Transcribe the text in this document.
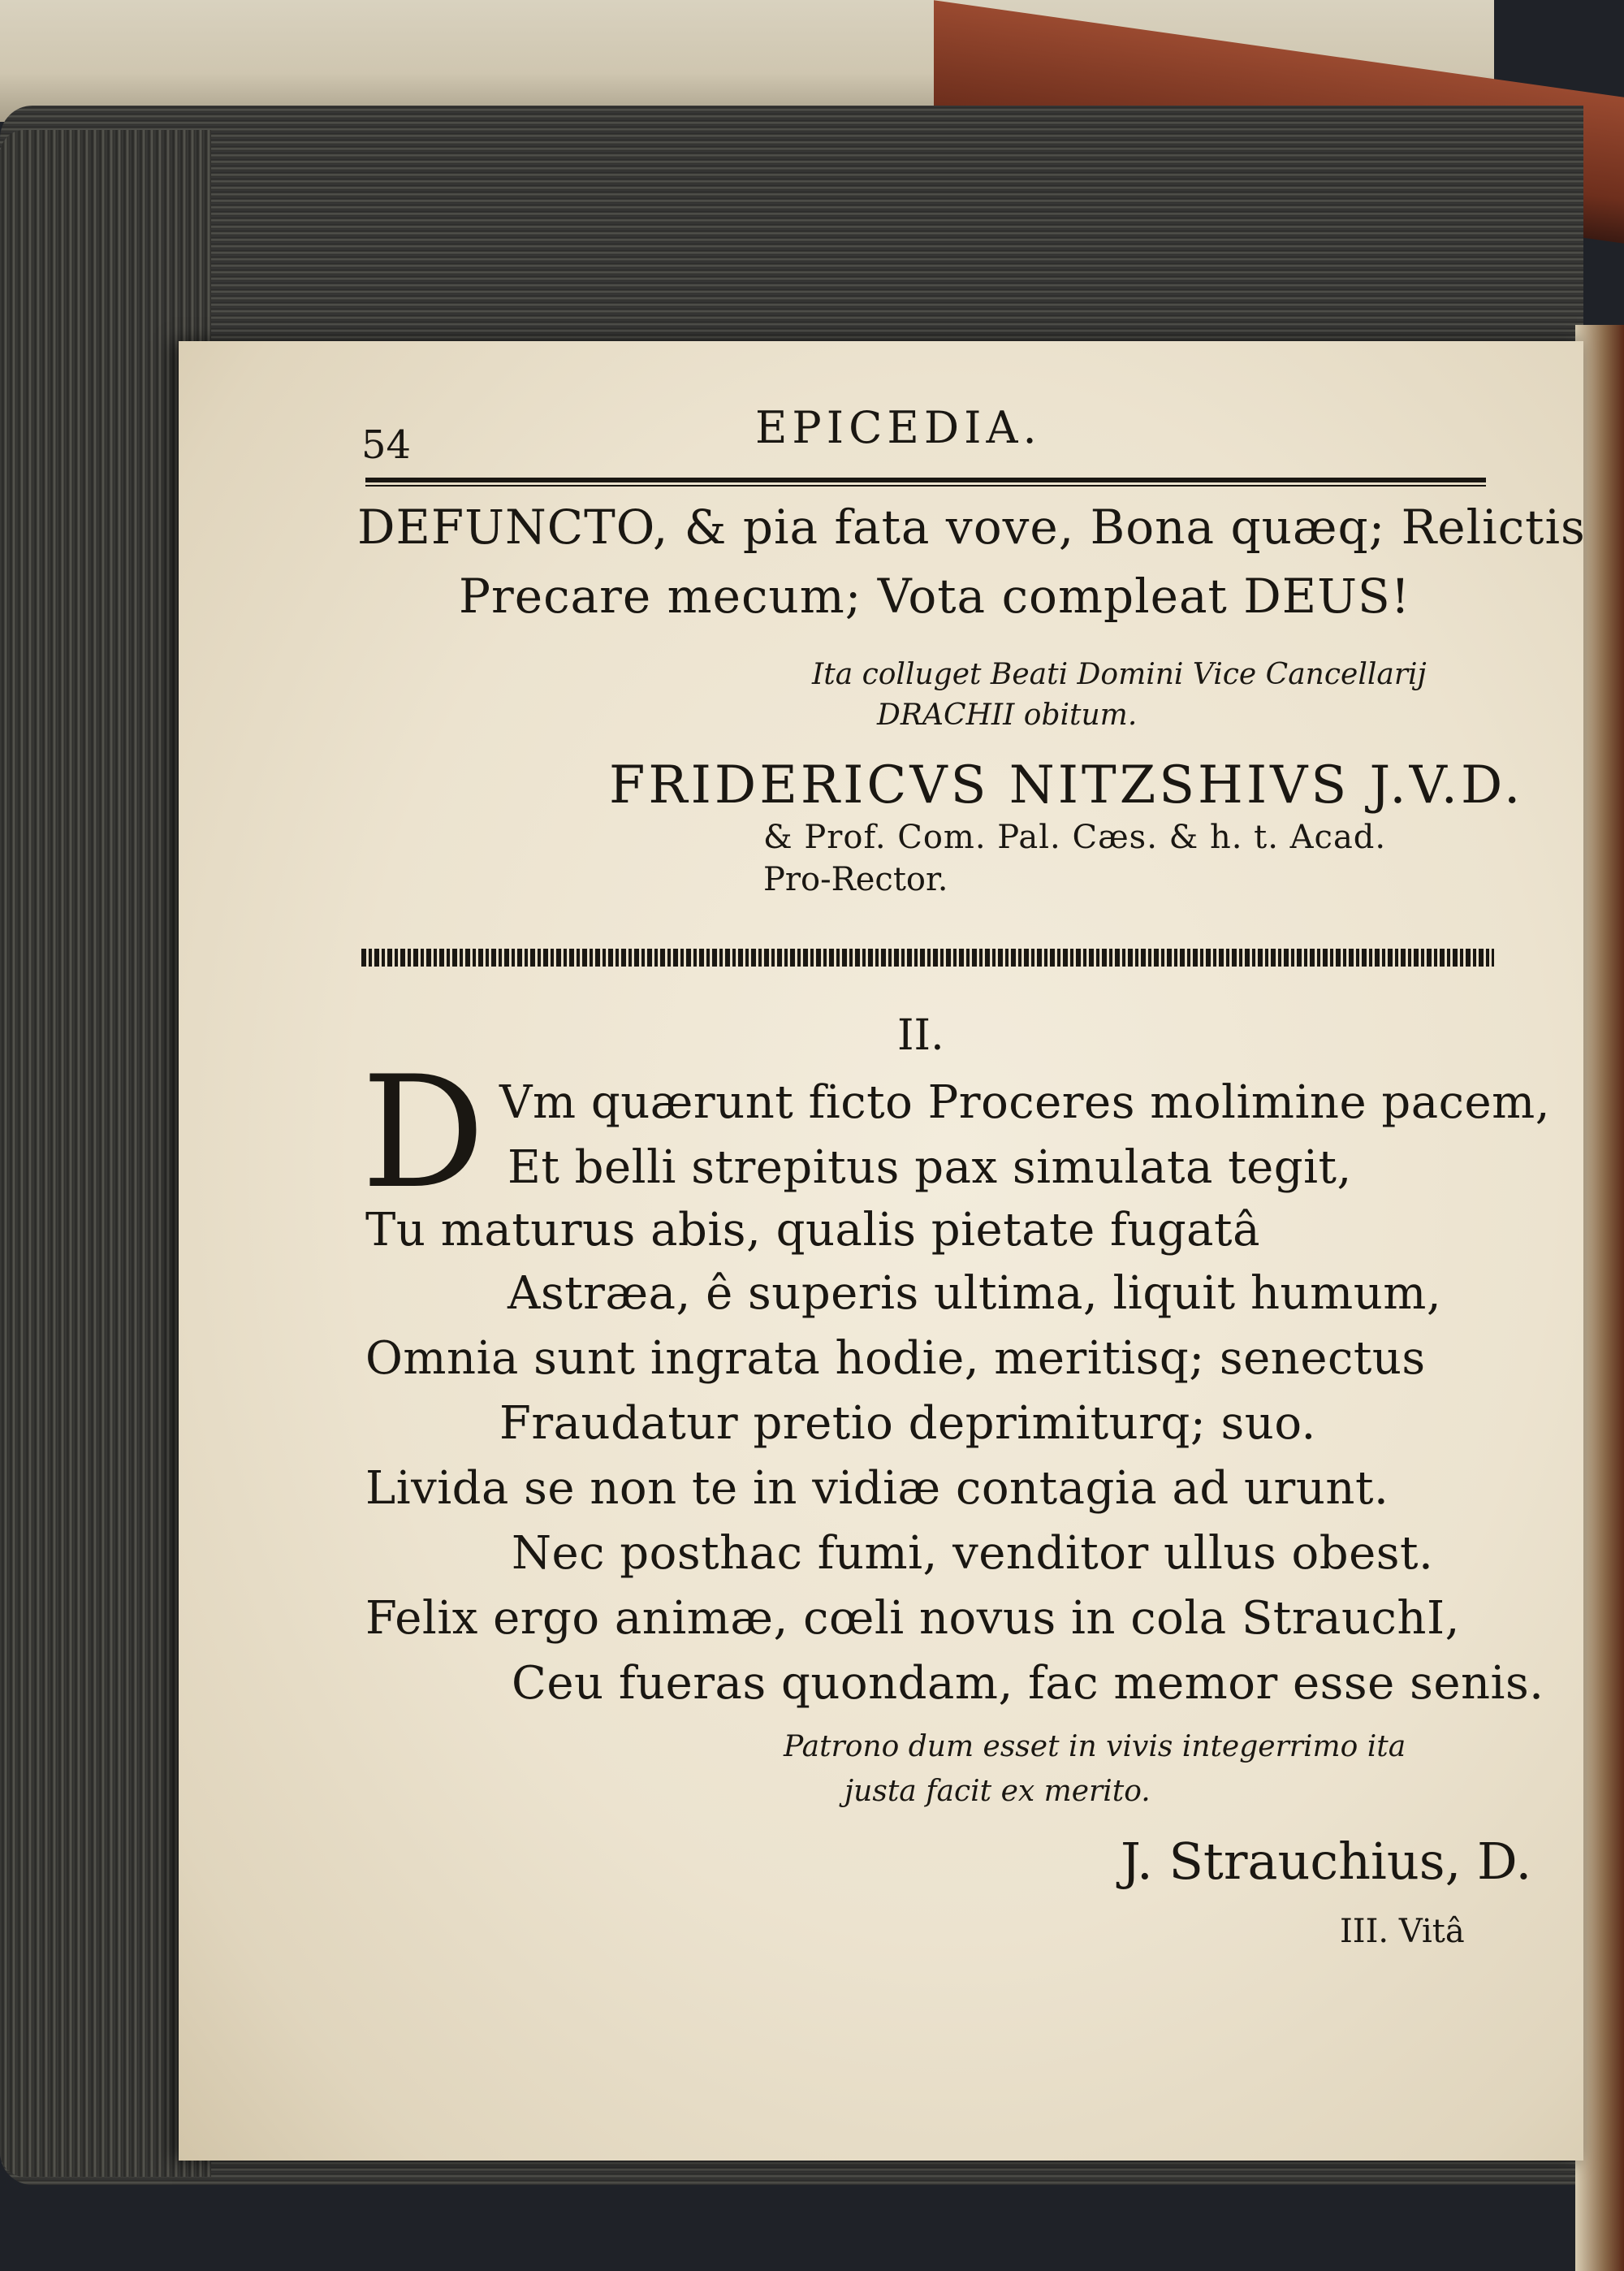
54	EPICEDIA.
DEFUNCTO, & pia fata vove, Bona quæq; Relictis
Precare mecum; Vota compleat DEUS!
Ita colluget Beati Domini Vice Cancellarij
DRACHII obitum.
FRIDERICVS NITZSHIVS J.V.D.
& Prof. Com. Pal. Cæs. & h. t. Acad.
Pro-Rector.
II.
D Vm quærunt ficto Proceres molimine pacem,
Et belli strepitus pax simulata tegit,
Tu maturus abis, qualis pietate fugatâ
Astræa, ê superis ultima, liquit humum,
Omnia sunt ingrata hodie, meritisq; senectus
Fraudatur pretio deprimiturq; suo.
Livida se non te in vidiæ contagia ad urunt.
Nec posthac fumi, venditor ullus obest.
Felix ergo animæ, cœli novus in cola StrauchI,
Ceu fueras quondam, fac memor esse senis.
Patrono dum esset in vivis integerrimo ita
justa facit ex merito.
J. Strauchius, D.
III. Vitâ
